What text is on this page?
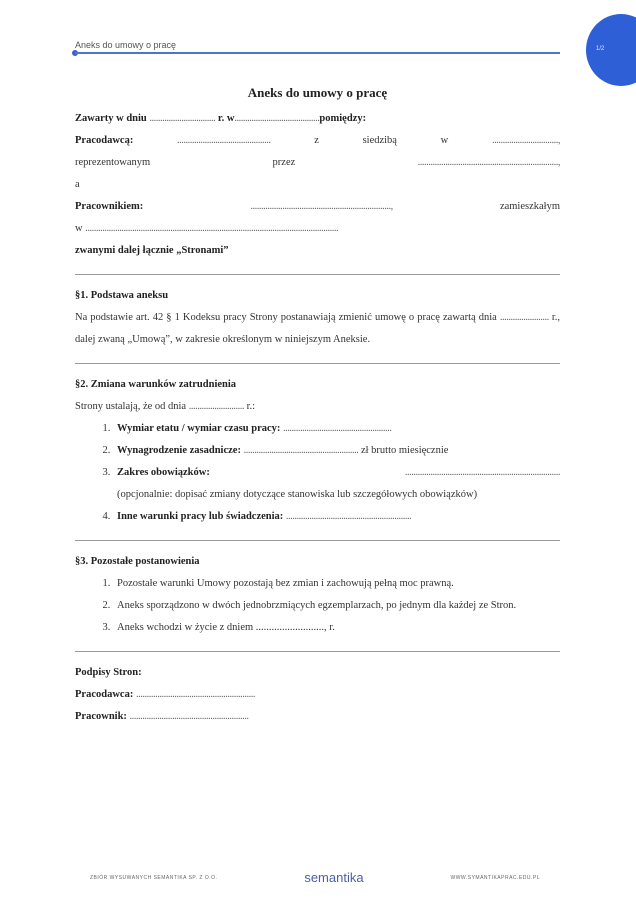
Aneks do umowy o pracę	1/2
Aneks do umowy o pracę
Zawarty w dniu ............................... r. w........................................pomiędzy:
Pracodawcą:	............................................	z	siedzibą	w	...............................,
reprezentowanym	przez	..................................................................,
a
Pracownikiem:	..................................................................,	zamieszkałym
w .......................................................................................................................
zwanymi dalej łącznie „Stronami”
§1. Podstawa aneksu
Na podstawie art. 42 § 1 Kodeksu pracy Strony postanawiają zmienić umowę o pracę zawartą dnia ....................... r., dalej zwaną „Umową”, w zakresie określonym w niniejszym Aneksie.
§2. Zmiana warunków zatrudnienia
Strony ustalają, że od dnia .......................... r.:
1. Wymiar etatu / wymiar czasu pracy: ...................................................
2. Wynagrodzenie zasadnicze: ...................................................... zł brutto miesięcznie
3. Zakres obowiązków:	.........................................................................
(opcjonalnie: dopisać zmiany dotyczące stanowiska lub szczegółowych obowiązków)
4. Inne warunki pracy lub świadczenia: ...........................................................
§3. Pozostałe postanowienia
1. Pozostałe warunki Umowy pozostają bez zmian i zachowują pełną moc prawną.
2. Aneks sporządzono w dwóch jednobrzmiących egzemplarzach, po jednym dla każdej ze Stron.
3. Aneks wchodzi w życie z dniem .........................., r.
Podpisy Stron:
Pracodawca: ........................................................
Pracownik: ........................................................
ZBIÓR WYSUWANYCH SEMANTIKA SP. Z O.O.	semantika	WWW.SYMANTIKAPRAC.EDU.PL
